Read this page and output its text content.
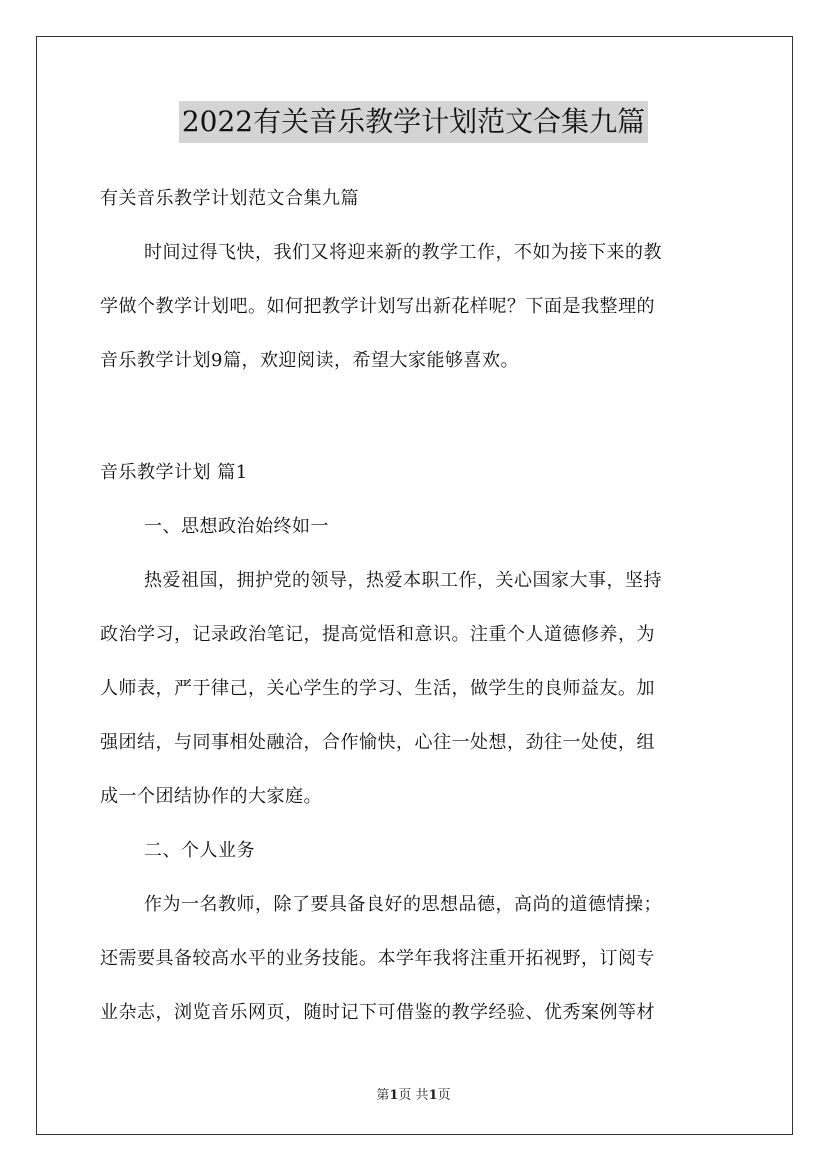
2022有关音乐教学计划范文合集九篇
有关音乐教学计划范文合集九篇
时间过得飞快，我们又将迎来新的教学工作，不如为接下来的教
学做个教学计划吧。如何把教学计划写出新花样呢？下面是我整理的
音乐教学计划9篇，欢迎阅读，希望大家能够喜欢。
音乐教学计划 篇1
一、思想政治始终如一
热爱祖国，拥护党的领导，热爱本职工作，关心国家大事，坚持
政治学习，记录政治笔记，提高觉悟和意识。注重个人道德修养，为
人师表，严于律己，关心学生的学习、生活，做学生的良师益友。加
强团结，与同事相处融洽，合作愉快，心往一处想，劲往一处使，组
成一个团结协作的大家庭。
二、个人业务
作为一名教师，除了要具备良好的思想品德，高尚的道德情操；
还需要具备较高水平的业务技能。本学年我将注重开拓视野，订阅专
业杂志，浏览音乐网页，随时记下可借鉴的教学经验、优秀案例等材
第1页 共1页
